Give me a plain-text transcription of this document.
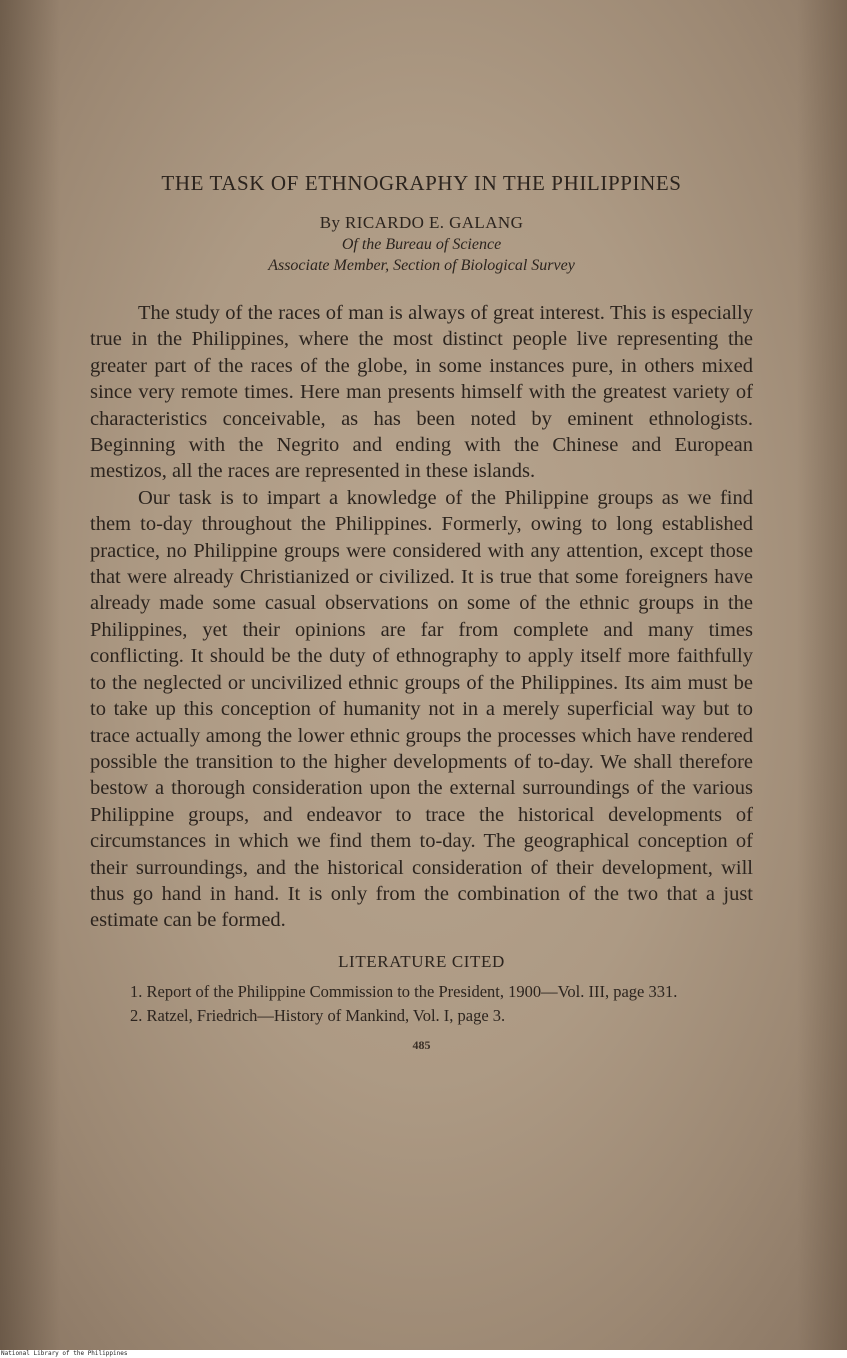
THE TASK OF ETHNOGRAPHY IN THE PHILIPPINES
By RICARDO E. GALANG
Of the Bureau of Science
Associate Member, Section of Biological Survey

The study of the races of man is always of great interest. This is especially true in the Philippines, where the most distinct people live representing the greater part of the races of the globe, in some instances pure, in others mixed since very remote times. Here man presents himself with the greatest variety of characteristics conceivable, as has been noted by eminent ethnologists. Beginning with the Negrito and ending with the Chinese and European mestizos, all the races are represented in these islands.

Our task is to impart a knowledge of the Philippine groups as we find them to-day throughout the Philippines. Formerly, owing to long established practice, no Philippine groups were considered with any attention, except those that were already Christianized or civilized. It is true that some foreigners have already made some casual observations on some of the ethnic groups in the Philippines, yet their opinions are far from complete and many times conflicting. It should be the duty of ethnography to apply itself more faithfully to the neglected or uncivilized ethnic groups of the Philippines. Its aim must be to take up this conception of humanity not in a merely superficial way but to trace actually among the lower ethnic groups the processes which have rendered possible the transition to the higher developments of to-day. We shall therefore bestow a thorough consideration upon the external surroundings of the various Philippine groups, and endeavor to trace the historical developments of circumstances in which we find them to-day. The geographical conception of their surroundings, and the historical consideration of their development, will thus go hand in hand. It is only from the combination of the two that a just estimate can be formed.

LITERATURE CITED

1. Report of the Philippine Commission to the President, 1900—Vol. III, page 331.

2. Ratzel, Friedrich—History of Mankind, Vol. I, page 3.

485
National Library of the Philippines
